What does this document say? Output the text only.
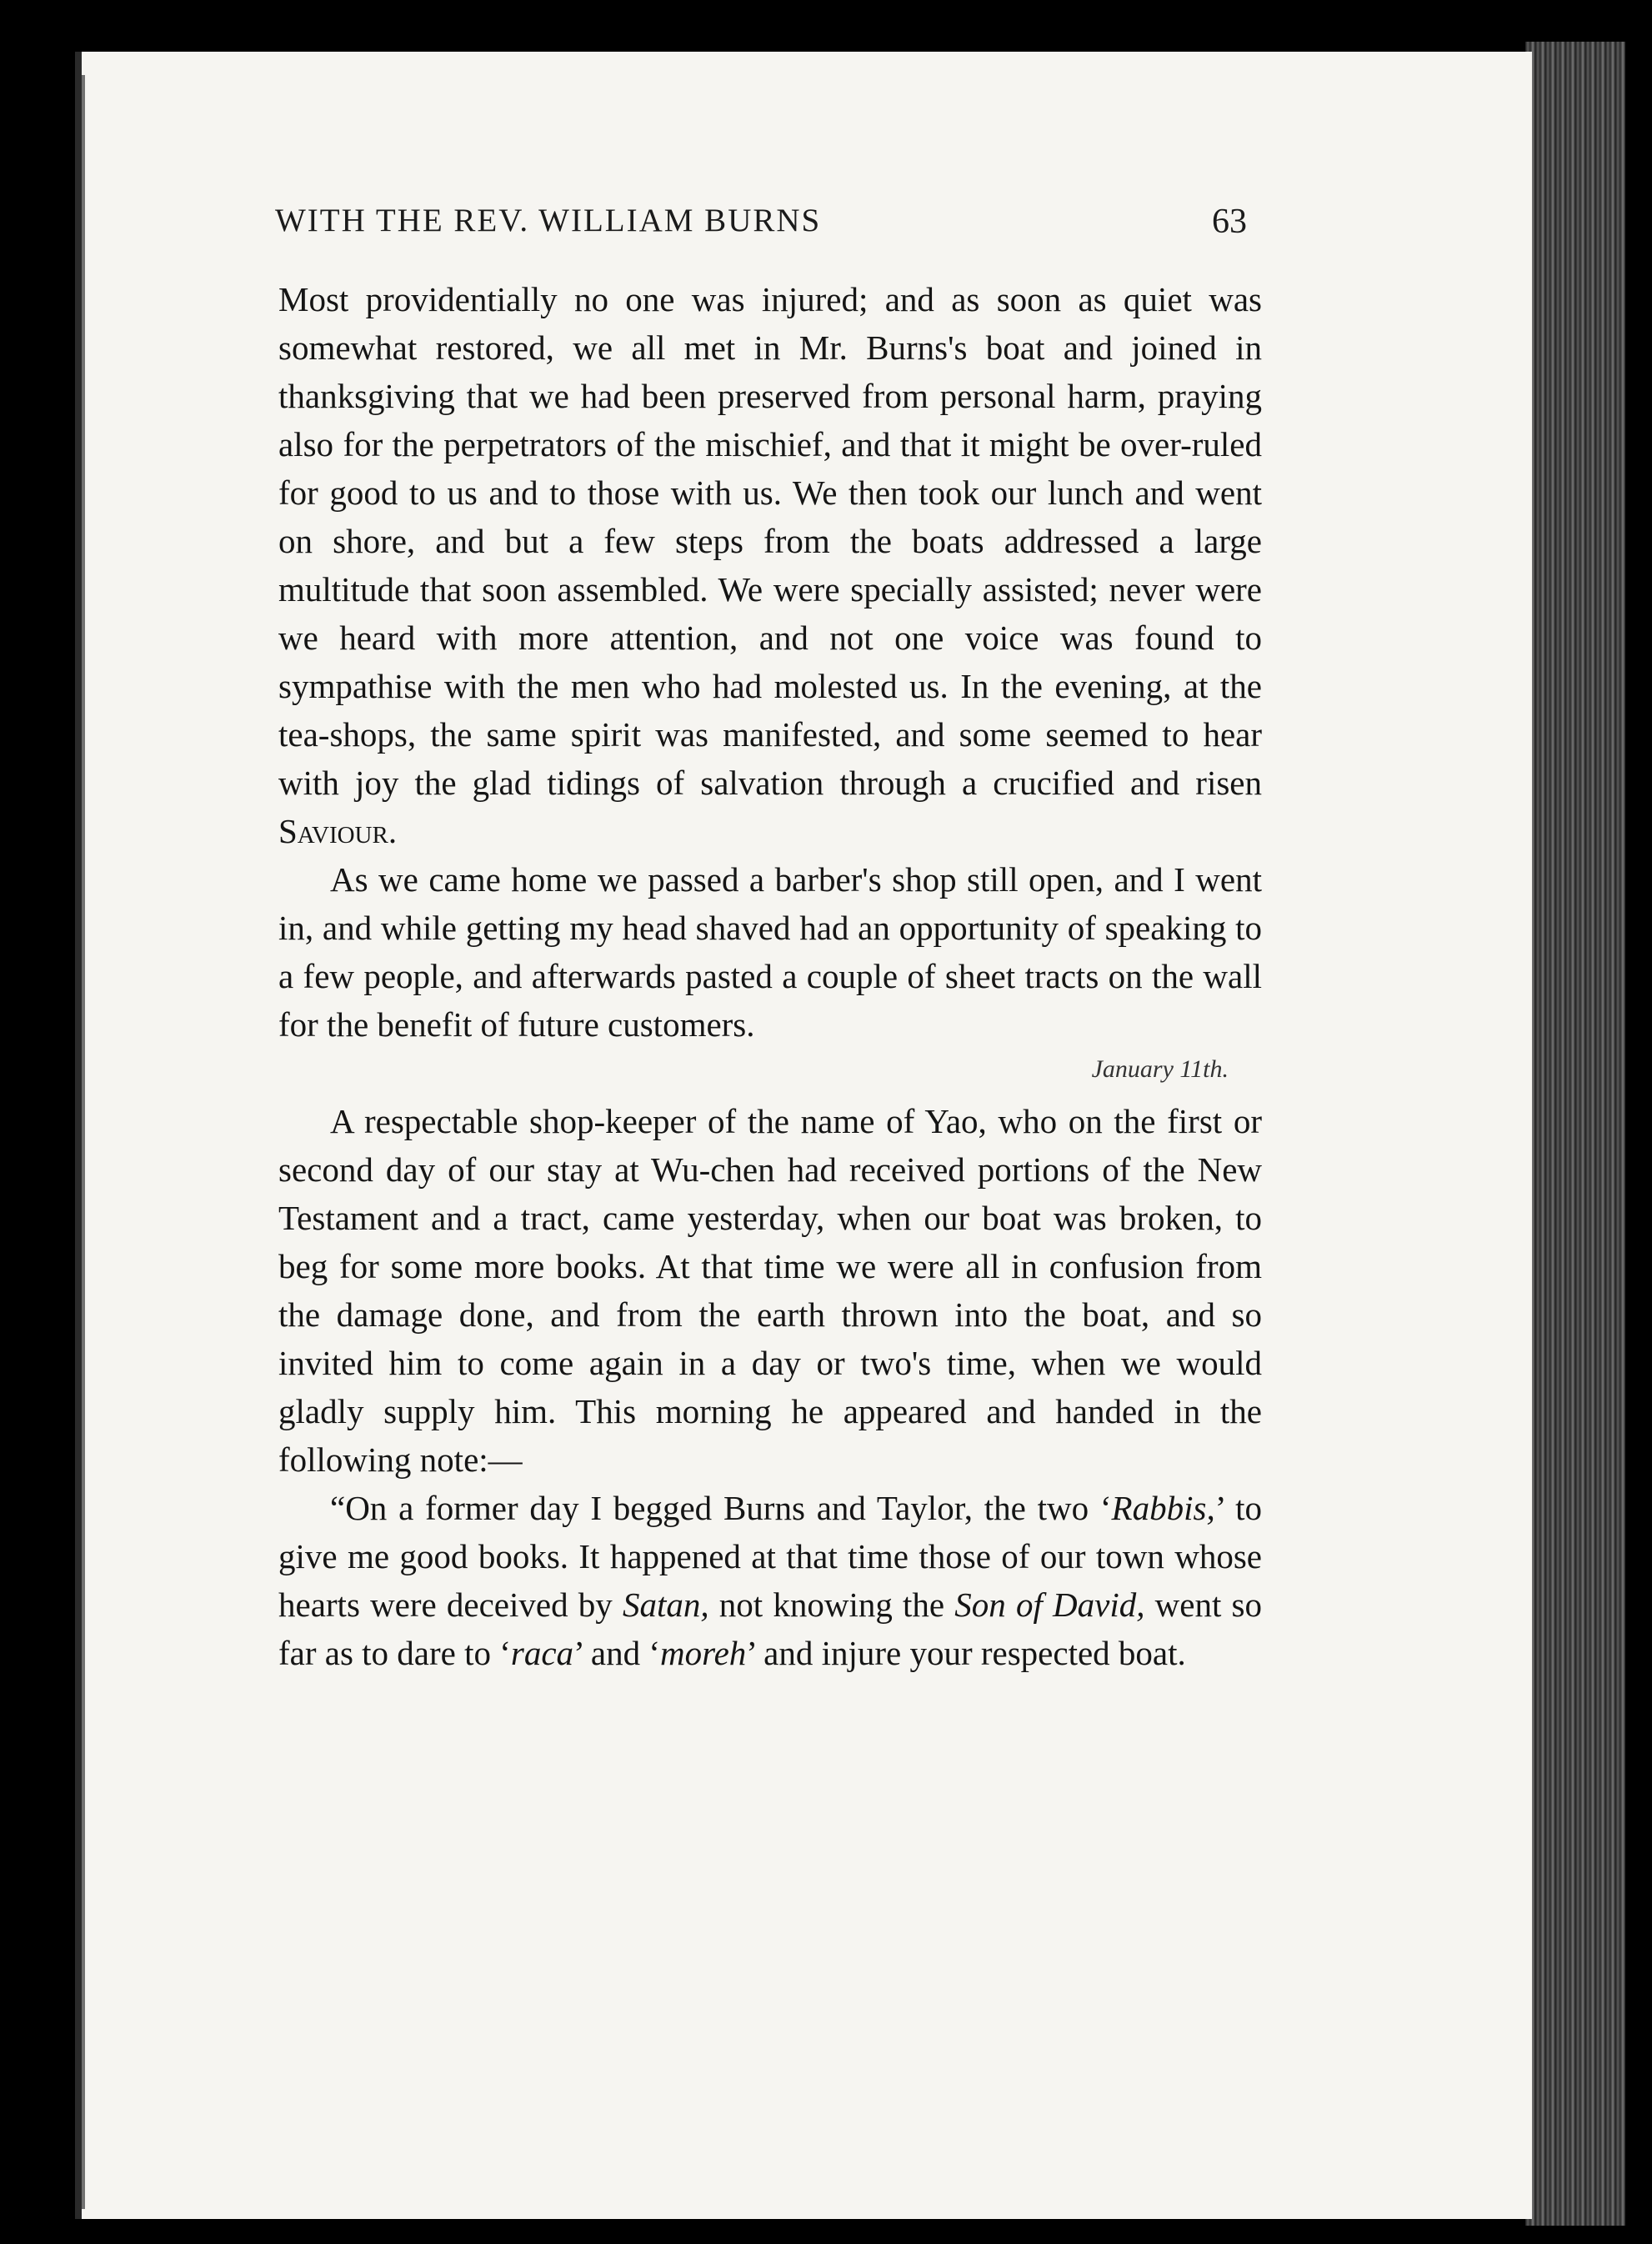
WITH THE REV. WILLIAM BURNS	63

Most providentially no one was injured; and as soon as quiet was somewhat restored, we all met in Mr. Burns's boat and joined in thanksgiving that we had been preserved from personal harm, praying also for the perpetrators of the mischief, and that it might be over-ruled for good to us and to those with us. We then took our lunch and went on shore, and but a few steps from the boats addressed a large multitude that soon assembled. We were specially assisted; never were we heard with more attention, and not one voice was found to sympathise with the men who had molested us. In the evening, at the tea-shops, the same spirit was manifested, and some seemed to hear with joy the glad tidings of salvation through a crucified and risen Saviour.

As we came home we passed a barber's shop still open, and I went in, and while getting my head shaved had an opportunity of speaking to a few people, and afterwards pasted a couple of sheet tracts on the wall for the benefit of future customers.

January 11th.

A respectable shop-keeper of the name of Yao, who on the first or second day of our stay at Wu-chen had received portions of the New Testament and a tract, came yesterday, when our boat was broken, to beg for some more books. At that time we were all in confusion from the damage done, and from the earth thrown into the boat, and so invited him to come again in a day or two's time, when we would gladly supply him. This morning he appeared and handed in the following note:—

“On a former day I begged Burns and Taylor, the two ‘Rabbis,’ to give me good books. It happened at that time those of our town whose hearts were deceived by Satan, not knowing the Son of David, went so far as to dare to ‘raca’ and ‘moreh’ and injure your respected boat.
